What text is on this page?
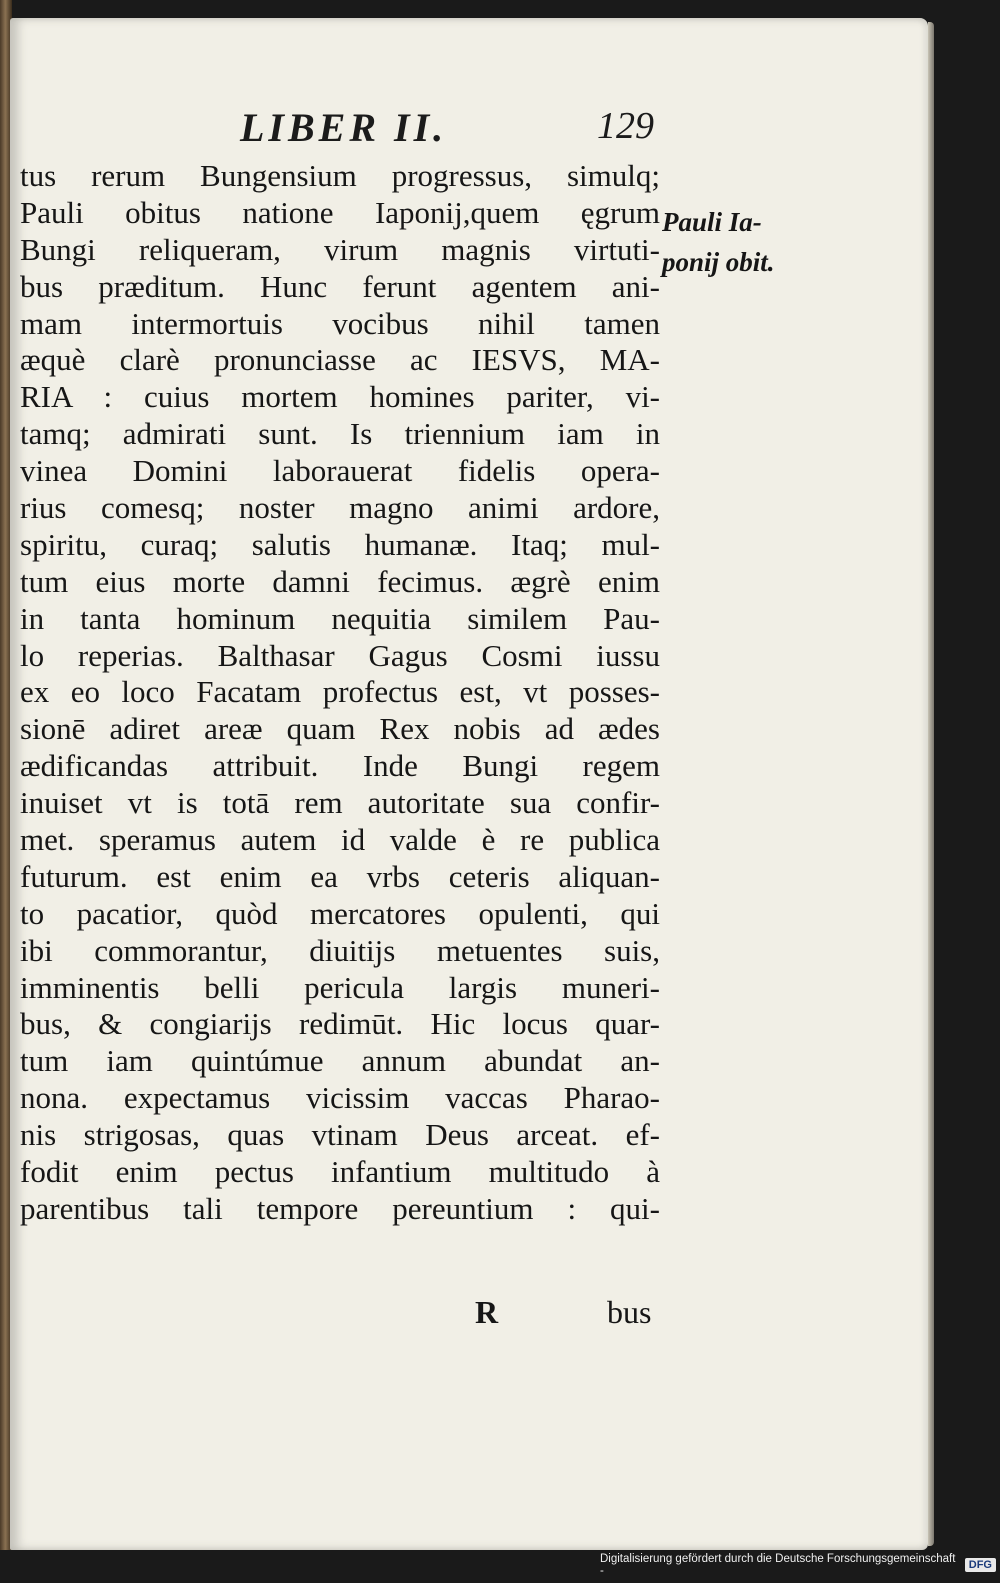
LIBER II.	129
tus rerum Bungensium progressus, simulq;
Pauli obitus natione Iaponij,quem ęgrum
Bungi reliqueram, virum magnis virtuti-
bus præditum. Hunc ferunt agentem ani-
mam intermortuis vocibus nihil tamen
æquè clarè pronunciasse ac IESVS, MA-
RIA : cuius mortem homines pariter, vi-
tamq; admirati sunt. Is triennium iam in
vinea Domini laborauerat fidelis opera-
rius comesq; noster magno animi ardore,
spiritu, curaq; salutis humanæ. Itaq; mul-
tum eius morte damni fecimus. ægrè enim
in tanta hominum nequitia similem Pau-
lo reperias. Balthasar Gagus Cosmi iussu
ex eo loco Facatam profectus est, vt posses-
sionē adiret areæ quam Rex nobis ad ædes
ædificandas attribuit. Inde Bungi regem
inuiset vt is totā rem autoritate sua confir-
met. speramus autem id valde è re publica
futurum. est enim ea vrbs ceteris aliquan-
to pacatior, quòd mercatores opulenti, qui
ibi commorantur, diuitijs metuentes suis,
imminentis belli pericula largis muneri-
bus, & congiarijs redimūt. Hic locus quar-
tum iam quintúmue annum abundat an-
nona. expectamus vicissim vaccas Pharao-
nis strigosas, quas vtinam Deus arceat. ef-
fodit enim pectus infantium multitudo à
parentibus tali tempore pereuntium : qui-
Pauli Ia-
ponij obit.
R	bus
Digitalisierung gefördert durch die Deutsche Forschungsgemeinschaft -	DFG
